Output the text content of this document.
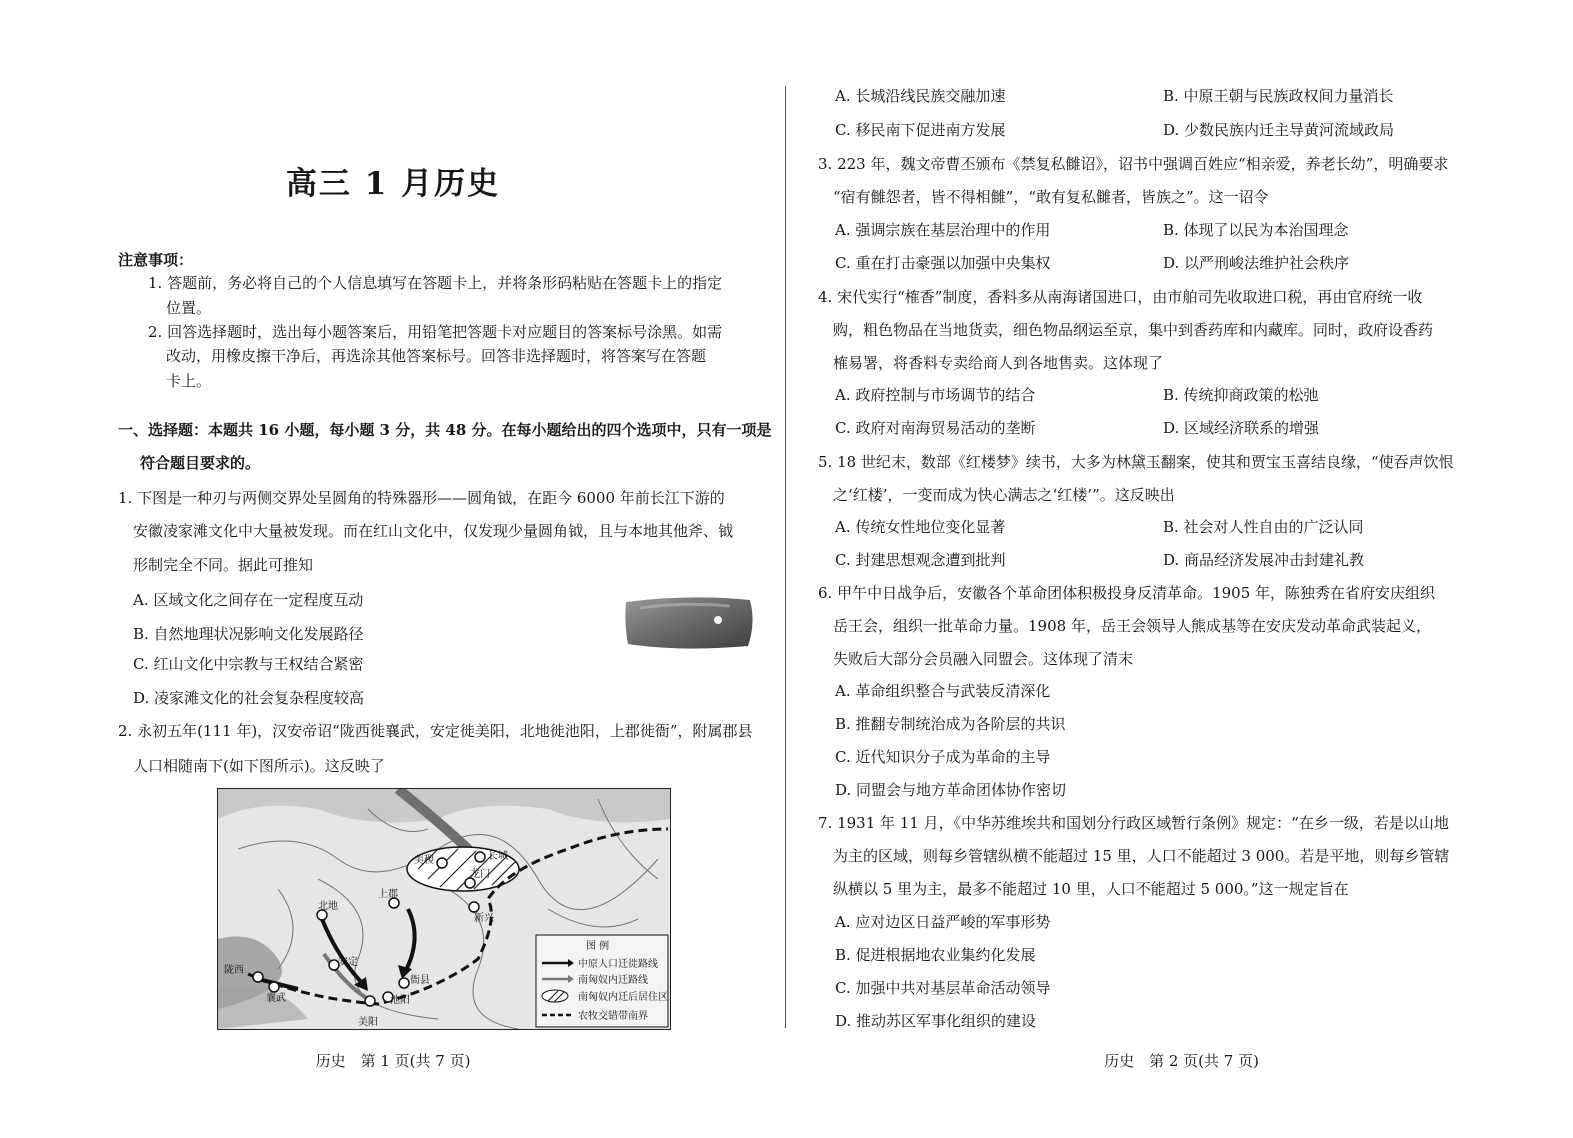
高三 1 月历史
注意事项：
1. 答题前，务必将自己的个人信息填写在答题卡上，并将条形码粘贴在答题卡上的指定
位置。
2. 回答选择题时，选出每小题答案后，用铅笔把答题卡对应题目的答案标号涂黑。如需
改动，用橡皮擦干净后，再选涂其他答案标号。回答非选择题时，将答案写在答题
卡上。
一、选择题：本题共 16 小题，每小题 3 分，共 48 分。在每小题给出的四个选项中，只有一项是
符合题目要求的。
1. 下图是一种刃与两侧交界处呈圆角的特殊器形——圆角钺，在距今 6000 年前长江下游的
安徽凌家滩文化中大量被发现。而在红山文化中，仅发现少量圆角钺，且与本地其他斧、钺
形制完全不同。据此可推知
A. 区域文化之间存在一定程度互动
B. 自然地理状况影响文化发展路径
C. 红山文化中宗教与王权结合紧密
D. 凌家滩文化的社会复杂程度较高
2. 永初五年(111 年)，汉安帝诏“陇西徙襄武，安定徙美阳，北地徙池阳，上郡徙衙”，附属郡县
人口相随南下(如下图所示)。这反映了
陇西
襄武
安定
美阳
北地
池阳
上郡
衙县
新兴
美稷	长城
龙门
图 例
中原人口迁徙路线
南匈奴内迁路线
南匈奴内迁后居住区
农牧交错带南界
历史　第 1 页(共 7 页)
A. 长城沿线民族交融加速	B. 中原王朝与民族政权间力量消长
C. 移民南下促进南方发展	D. 少数民族内迁主导黄河流域政局
3. 223 年，魏文帝曹丕颁布《禁复私雠诏》，诏书中强调百姓应“相亲爱，养老长幼”，明确要求
“宿有雠怨者，皆不得相雠”，“敢有复私雠者，皆族之”。这一诏令
A. 强调宗族在基层治理中的作用	B. 体现了以民为本治国理念
C. 重在打击豪强以加强中央集权	D. 以严刑峻法维护社会秩序
4. 宋代实行“榷香”制度，香料多从南海诸国进口，由市舶司先收取进口税，再由官府统一收
购，粗色物品在当地货卖，细色物品纲运至京，集中到香药库和内藏库。同时，政府设香药
榷易署，将香料专卖给商人到各地售卖。这体现了
A. 政府控制与市场调节的结合	B. 传统抑商政策的松弛
C. 政府对南海贸易活动的垄断	D. 区域经济联系的增强
5. 18 世纪末，数部《红楼梦》续书，大多为林黛玉翻案，使其和贾宝玉喜结良缘，“使吞声饮恨
之‘红楼’，一变而成为快心满志之‘红楼’”。这反映出
A. 传统女性地位变化显著	B. 社会对人性自由的广泛认同
C. 封建思想观念遭到批判	D. 商品经济发展冲击封建礼教
6. 甲午中日战争后，安徽各个革命团体积极投身反清革命。1905 年，陈独秀在省府安庆组织
岳王会，组织一批革命力量。1908 年，岳王会领导人熊成基等在安庆发动革命武装起义，
失败后大部分会员融入同盟会。这体现了清末
A. 革命组织整合与武装反清深化
B. 推翻专制统治成为各阶层的共识
C. 近代知识分子成为革命的主导
D. 同盟会与地方革命团体协作密切
7. 1931 年 11 月，《中华苏维埃共和国划分行政区域暂行条例》规定：“在乡一级，若是以山地
为主的区域，则每乡管辖纵横不能超过 15 里，人口不能超过 3 000。若是平地，则每乡管辖
纵横以 5 里为主，最多不能超过 10 里，人口不能超过 5 000。”这一规定旨在
A. 应对边区日益严峻的军事形势
B. 促进根据地农业集约化发展
C. 加强中共对基层革命活动领导
D. 推动苏区军事化组织的建设
历史　第 2 页(共 7 页)
